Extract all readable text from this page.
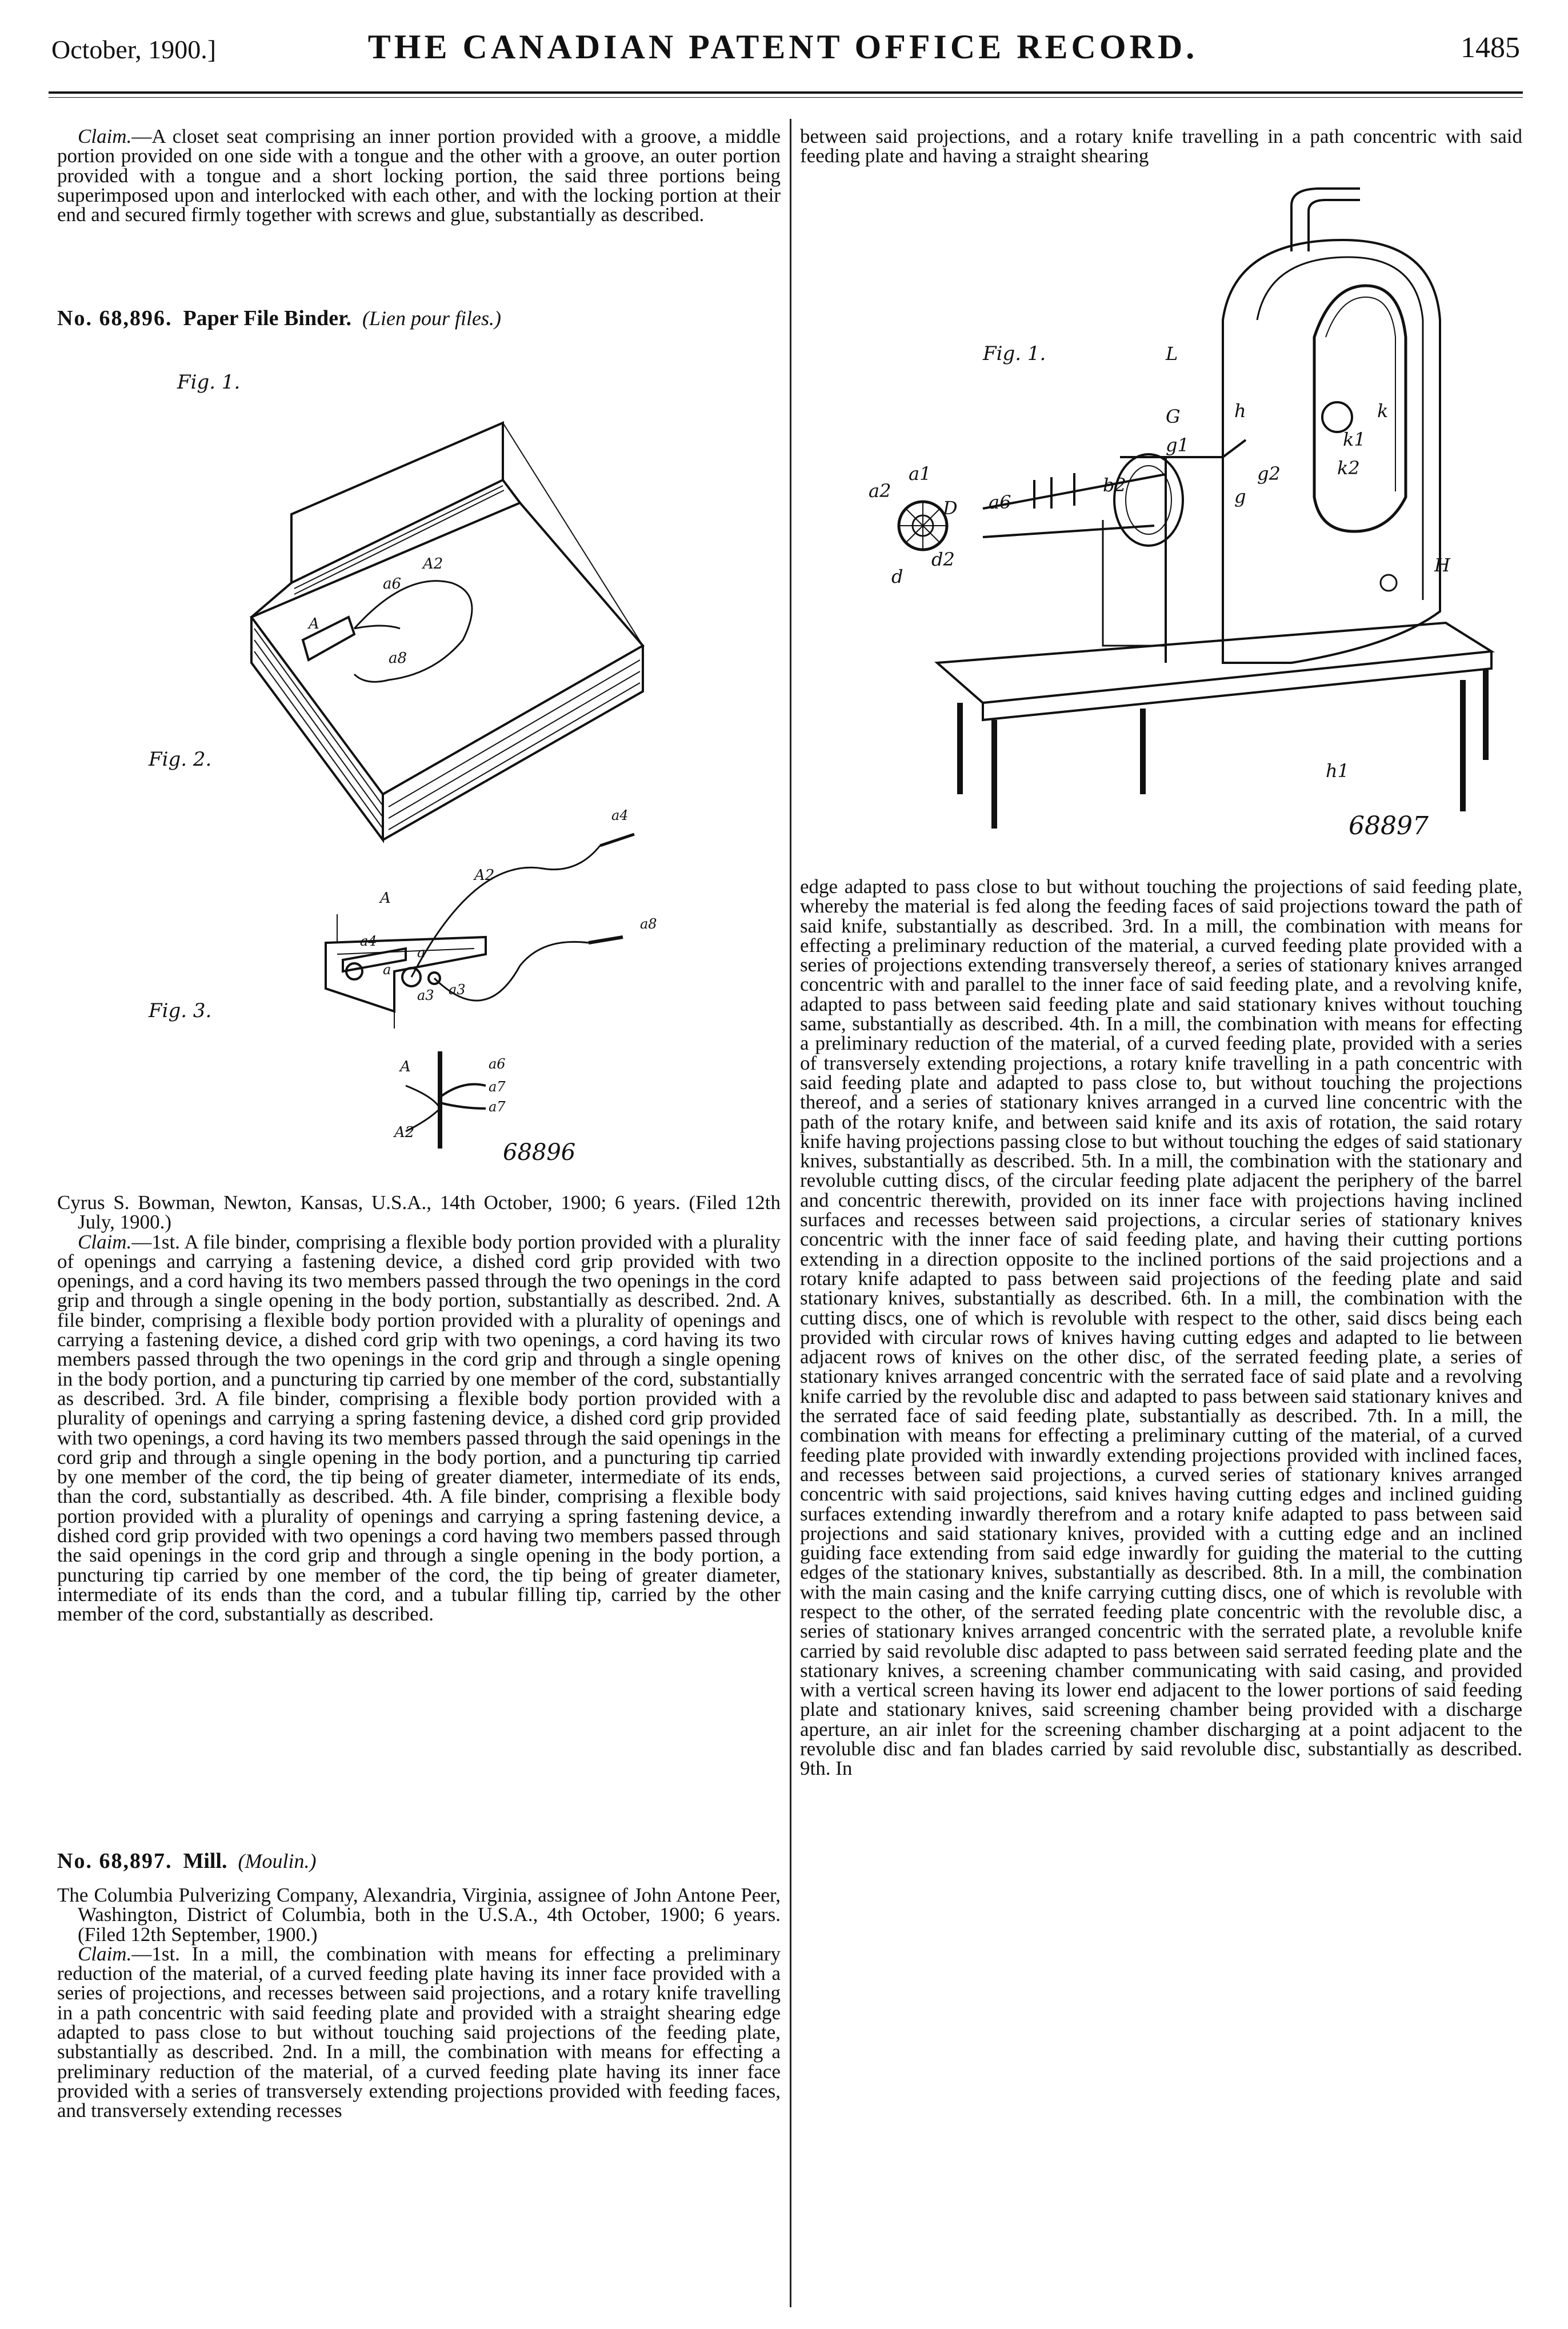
October, 1900.]	THE CANADIAN PATENT OFFICE RECORD.	1485

Claim.—A closet seat comprising an inner portion provided with a groove, a middle portion provided on one side with a tongue and the other with a groove, an outer portion provided with a tongue and a short locking portion, the said three portions being superimposed upon and interlocked with each other, and with the locking portion at their end and secured firmly together with screws and glue, substantially as described.

No. 68,896. Paper File Binder. (Lien pour files.)
Fig. 1.
Fig. 2.
Fig. 3.
A
a6
A2
a8
A
A2
a4
a
a
a4
a8
a3 a3
A	a6
a7
a7
A2
68896

Cyrus S. Bowman, Newton, Kansas, U.S.A., 14th October, 1900; 6 years. (Filed 12th July, 1900.)

Claim.—1st. A file binder, comprising a flexible body portion provided with a plurality of openings and carrying a fastening device, a dished cord grip provided with two openings, and a cord having its two members passed through the two openings in the cord grip and through a single opening in the body portion, substantially as described. 2nd. A file binder, comprising a flexible body portion provided with a plurality of openings and carrying a fastening device, a dished cord grip with two openings, a cord having its two members passed through the two openings in the cord grip and through a single opening in the body portion, and a puncturing tip carried by one member of the cord, substantially as described. 3rd. A file binder, comprising a flexible body portion provided with a plurality of openings and carrying a spring fastening device, a dished cord grip provided with two openings, a cord having its two members passed through the said openings in the cord grip and through a single opening in the body portion, and a puncturing tip carried by one member of the cord, the tip being of greater diameter, intermediate of its ends, than the cord, substantially as described. 4th. A file binder, comprising a flexible body portion provided with a plurality of openings and carrying a spring fastening device, a dished cord grip provided with two openings a cord having two members passed through the said openings in the cord grip and through a single opening in the body portion, a puncturing tip carried by one member of the cord, the tip being of greater diameter, intermediate of its ends than the cord, and a tubular filling tip, carried by the other member of the cord, substantially as described.

No. 68,897. Mill. (Moulin.)

The Columbia Pulverizing Company, Alexandria, Virginia, assignee of John Antone Peer, Washington, District of Columbia, both in the U.S.A., 4th October, 1900; 6 years. (Filed 12th September, 1900.)

Claim.—1st. In a mill, the combination with means for effecting a preliminary reduction of the material, of a curved feeding plate having its inner face provided with a series of projections, and recesses between said projections, and a rotary knife travelling in a path concentric with said feeding plate and provided with a straight shearing edge adapted to pass close to but without touching said projections of the feeding plate, substantially as described. 2nd. In a mill, the combination with means for effecting a preliminary reduction of the material, of a curved feeding plate having its inner face provided with a series of transversely extending projections provided with feeding faces, and transversely extending recesses

between said projections, and a rotary knife travelling in a path concentric with said feeding plate and having a straight shearing

Fig. 1.	L
G
g1
h	k
k1
k2
H
g
g2
a2
a1
D a6
b2
d
d2
h1
68897

edge adapted to pass close to but without touching the projections of said feeding plate, whereby the material is fed along the feeding faces of said projections toward the path of said knife, substantially as described. 3rd. In a mill, the combination with means for effecting a preliminary reduction of the material, a curved feeding plate provided with a series of projections extending transversely thereof, a series of stationary knives arranged concentric with and parallel to the inner face of said feeding plate, and a revolving knife, adapted to pass between said feeding plate and said stationary knives without touching same, substantially as described. 4th. In a mill, the combination with means for effecting a preliminary reduction of the material, of a curved feeding plate, provided with a series of transversely extending projections, a rotary knife travelling in a path concentric with said feeding plate and adapted to pass close to, but without touching the projections thereof, and a series of stationary knives arranged in a curved line concentric with the path of the rotary knife, and between said knife and its axis of rotation, the said rotary knife having projections passing close to but without touching the edges of said stationary knives, substantially as described. 5th. In a mill, the combination with the stationary and revoluble cutting discs, of the circular feeding plate adjacent the periphery of the barrel and concentric therewith, provided on its inner face with projections having inclined surfaces and recesses between said projections, a circular series of stationary knives concentric with the inner face of said feeding plate, and having their cutting portions extending in a direction opposite to the inclined portions of the said projections and a rotary knife adapted to pass between said projections of the feeding plate and said stationary knives, substantially as described. 6th. In a mill, the combination with the cutting discs, one of which is revoluble with respect to the other, said discs being each provided with circular rows of knives having cutting edges and adapted to lie between adjacent rows of knives on the other disc, of the serrated feeding plate, a series of stationary knives arranged concentric with the serrated face of said plate and a revolving knife carried by the revoluble disc and adapted to pass between said stationary knives and the serrated face of said feeding plate, substantially as described. 7th. In a mill, the combination with means for effecting a preliminary cutting of the material, of a curved feeding plate provided with inwardly extending projections provided with inclined faces, and recesses between said projections, a curved series of stationary knives arranged concentric with said projections, said knives having cutting edges and inclined guiding surfaces extending inwardly therefrom and a rotary knife adapted to pass between said projections and said stationary knives, provided with a cutting edge and an inclined guiding face extending from said edge inwardly for guiding the material to the cutting edges of the stationary knives, substantially as described. 8th. In a mill, the combination with the main casing and the knife carrying cutting discs, one of which is revoluble with respect to the other, of the serrated feeding plate concentric with the revoluble disc, a series of stationary knives arranged concentric with the serrated plate, a revoluble knife carried by said revoluble disc adapted to pass between said serrated feeding plate and the stationary knives, a screening chamber communicating with said casing, and provided with a vertical screen having its lower end adjacent to the lower portions of said feeding plate and stationary knives, said screening chamber being provided with a discharge aperture, an air inlet for the screening chamber discharging at a point adjacent to the revoluble disc and fan blades carried by said revoluble disc, substantially as described. 9th. In
